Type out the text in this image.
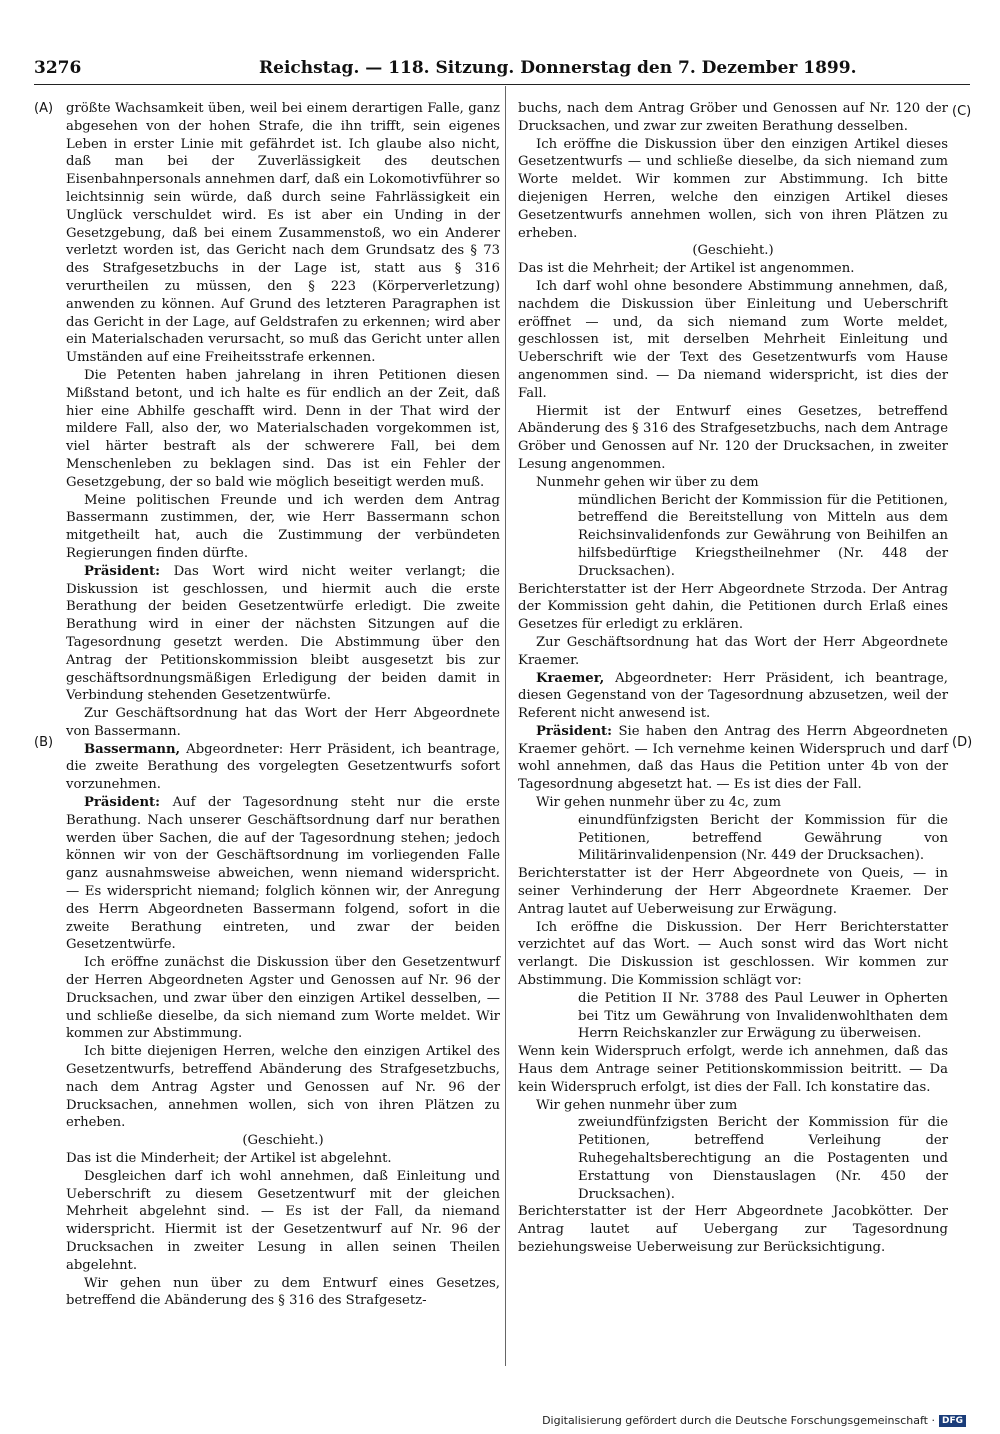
3276	Reichstag. — 118. Sitzung. Donnerstag den 7. Dezember 1899.
(A)
(B)
(C)
(D)

größte Wachsamkeit üben, weil bei einem derartigen Falle, ganz abgesehen von der hohen Strafe, die ihn trifft, sein eigenes Leben in erster Linie mit gefährdet ist. Ich glaube also nicht, daß man bei der Zuverlässigkeit des deutschen Eisenbahnpersonals annehmen darf, daß ein Lokomotivführer so leichtsinnig sein würde, daß durch seine Fahrlässigkeit ein Unglück verschuldet wird. Es ist aber ein Unding in der Gesetzgebung, daß bei einem Zusammenstoß, wo ein Anderer verletzt worden ist, das Gericht nach dem Grundsatz des § 73 des Strafgesetzbuchs in der Lage ist, statt aus § 316 verurtheilen zu müssen, den § 223 (Körperverletzung) anwenden zu können. Auf Grund des letzteren Paragraphen ist das Gericht in der Lage, auf Geldstrafen zu erkennen; wird aber ein Materialschaden verursacht, so muß das Gericht unter allen Umständen auf eine Freiheitsstrafe erkennen.

Die Petenten haben jahrelang in ihren Petitionen diesen Mißstand betont, und ich halte es für endlich an der Zeit, daß hier eine Abhilfe geschafft wird. Denn in der That wird der mildere Fall, also der, wo Materialschaden vorgekommen ist, viel härter bestraft als der schwerere Fall, bei dem Menschenleben zu beklagen sind. Das ist ein Fehler der Gesetzgebung, der so bald wie möglich beseitigt werden muß.

Meine politischen Freunde und ich werden dem Antrag Bassermann zustimmen, der, wie Herr Bassermann schon mitgetheilt hat, auch die Zustimmung der verbündeten Regierungen finden dürfte.

Präsident: Das Wort wird nicht weiter verlangt; die Diskussion ist geschlossen, und hiermit auch die erste Berathung der beiden Gesetzentwürfe erledigt. Die zweite Berathung wird in einer der nächsten Sitzungen auf die Tagesordnung gesetzt werden. Die Abstimmung über den Antrag der Petitionskommission bleibt ausgesetzt bis zur geschäftsordnungsmäßigen Erledigung der beiden damit in Verbindung stehenden Gesetzentwürfe.

Zur Geschäftsordnung hat das Wort der Herr Abgeordnete von Bassermann.

Bassermann, Abgeordneter: Herr Präsident, ich beantrage, die zweite Berathung des vorgelegten Gesetzentwurfs sofort vorzunehmen.

Präsident: Auf der Tagesordnung steht nur die erste Berathung. Nach unserer Geschäftsordnung darf nur berathen werden über Sachen, die auf der Tagesordnung stehen; jedoch können wir von der Geschäftsordnung im vorliegenden Falle ganz ausnahmsweise abweichen, wenn niemand widerspricht. — Es widerspricht niemand; folglich können wir, der Anregung des Herrn Abgeordneten Bassermann folgend, sofort in die zweite Berathung eintreten, und zwar der beiden Gesetzentwürfe.

Ich eröffne zunächst die Diskussion über den Gesetzentwurf der Herren Abgeordneten Agster und Genossen auf Nr. 96 der Drucksachen, und zwar über den einzigen Artikel desselben, — und schließe dieselbe, da sich niemand zum Worte meldet. Wir kommen zur Abstimmung.

Ich bitte diejenigen Herren, welche den einzigen Artikel des Gesetzentwurfs, betreffend Abänderung des Strafgesetzbuchs, nach dem Antrag Agster und Genossen auf Nr. 96 der Drucksachen, annehmen wollen, sich von ihren Plätzen zu erheben.

(Geschieht.)

Das ist die Minderheit; der Artikel ist abgelehnt.

Desgleichen darf ich wohl annehmen, daß Einleitung und Ueberschrift zu diesem Gesetzentwurf mit der gleichen Mehrheit abgelehnt sind. — Es ist der Fall, da niemand widerspricht. Hiermit ist der Gesetzentwurf auf Nr. 96 der Drucksachen in zweiter Lesung in allen seinen Theilen abgelehnt.

Wir gehen nun über zu dem Entwurf eines Gesetzes, betreffend die Abänderung des § 316 des Strafgesetz-

buchs, nach dem Antrag Gröber und Genossen auf Nr. 120 der Drucksachen, und zwar zur zweiten Berathung desselben.

Ich eröffne die Diskussion über den einzigen Artikel dieses Gesetzentwurfs — und schließe dieselbe, da sich niemand zum Worte meldet. Wir kommen zur Abstimmung. Ich bitte diejenigen Herren, welche den einzigen Artikel dieses Gesetzentwurfs annehmen wollen, sich von ihren Plätzen zu erheben.

(Geschieht.)

Das ist die Mehrheit; der Artikel ist angenommen.

Ich darf wohl ohne besondere Abstimmung annehmen, daß, nachdem die Diskussion über Einleitung und Ueberschrift eröffnet — und, da sich niemand zum Worte meldet, geschlossen ist, mit derselben Mehrheit Einleitung und Ueberschrift wie der Text des Gesetzentwurfs vom Hause angenommen sind. — Da niemand widerspricht, ist dies der Fall.

Hiermit ist der Entwurf eines Gesetzes, betreffend Abänderung des § 316 des Strafgesetzbuchs, nach dem Antrage Gröber und Genossen auf Nr. 120 der Drucksachen, in zweiter Lesung angenommen.

Nunmehr gehen wir über zu dem

mündlichen Bericht der Kommission für die Petitionen, betreffend die Bereitstellung von Mitteln aus dem Reichsinvalidenfonds zur Gewährung von Beihilfen an hilfsbedürftige Kriegstheilnehmer (Nr. 448 der Drucksachen).

Berichterstatter ist der Herr Abgeordnete Strzoda. Der Antrag der Kommission geht dahin, die Petitionen durch Erlaß eines Gesetzes für erledigt zu erklären.

Zur Geschäftsordnung hat das Wort der Herr Abgeordnete Kraemer.

Kraemer, Abgeordneter: Herr Präsident, ich beantrage, diesen Gegenstand von der Tagesordnung abzusetzen, weil der Referent nicht anwesend ist.

Präsident: Sie haben den Antrag des Herrn Abgeordneten Kraemer gehört. — Ich vernehme keinen Widerspruch und darf wohl annehmen, daß das Haus die Petition unter 4b von der Tagesordnung abgesetzt hat. — Es ist dies der Fall.

Wir gehen nunmehr über zu 4c, zum

einundfünfzigsten Bericht der Kommission für die Petitionen, betreffend Gewährung von Militärinvalidenpension (Nr. 449 der Drucksachen).

Berichterstatter ist der Herr Abgeordnete von Queis, — in seiner Verhinderung der Herr Abgeordnete Kraemer. Der Antrag lautet auf Ueberweisung zur Erwägung.

Ich eröffne die Diskussion. Der Herr Berichterstatter verzichtet auf das Wort. — Auch sonst wird das Wort nicht verlangt. Die Diskussion ist geschlossen. Wir kommen zur Abstimmung. Die Kommission schlägt vor:

die Petition II Nr. 3788 des Paul Leuwer in Opherten bei Titz um Gewährung von Invalidenwohlthaten dem Herrn Reichskanzler zur Erwägung zu überweisen.

Wenn kein Widerspruch erfolgt, werde ich annehmen, daß das Haus dem Antrage seiner Petitionskommission beitritt. — Da kein Widerspruch erfolgt, ist dies der Fall. Ich konstatire das.

Wir gehen nunmehr über zum

zweiundfünfzigsten Bericht der Kommission für die Petitionen, betreffend Verleihung der Ruhegehaltsberechtigung an die Postagenten und Erstattung von Dienstauslagen (Nr. 450 der Drucksachen).

Berichterstatter ist der Herr Abgeordnete Jacobkötter. Der Antrag lautet auf Uebergang zur Tagesordnung beziehungsweise Ueberweisung zur Berücksichtigung.

Digitalisierung gefördert durch die Deutsche Forschungsgemeinschaft · DFG
